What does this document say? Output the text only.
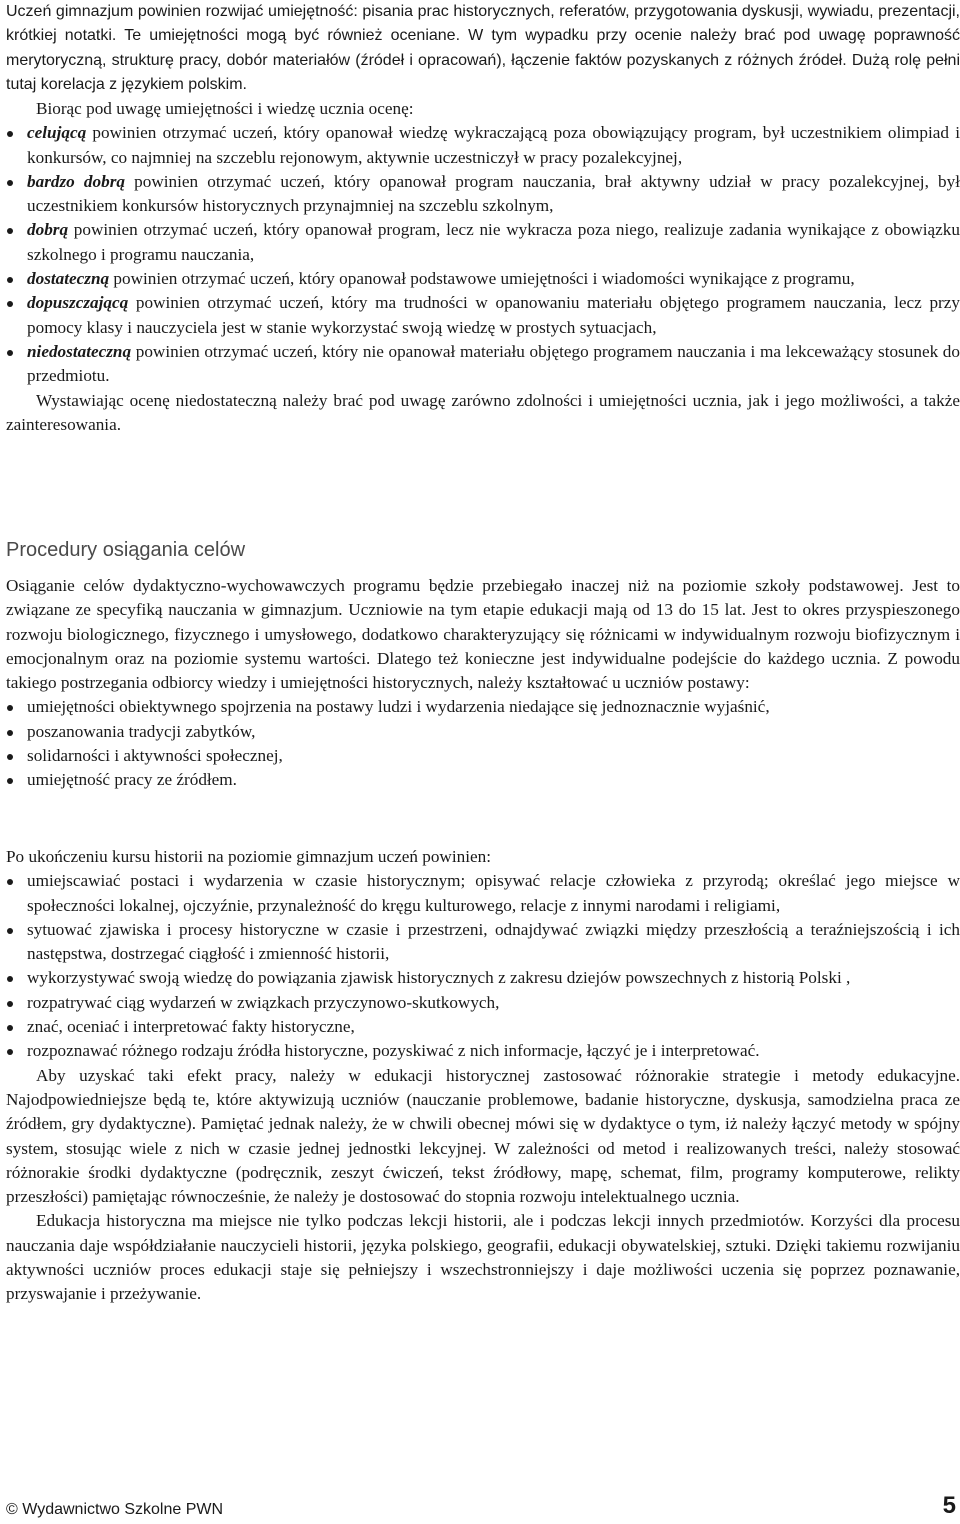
Uczeń gimnazjum powinien rozwijać umiejętność: pisania prac historycznych, referatów, przygotowania dyskusji, wywiadu, prezentacji, krótkiej notatki. Te umiejętności mogą być również oceniane. W tym wypadku przy ocenie należy brać pod uwagę poprawność merytoryczną, strukturę pracy, dobór materiałów (źródeł i opracowań), łączenie faktów pozyskanych z różnych źródeł. Dużą rolę pełni tutaj korelacja z językiem polskim.

Biorąc pod uwagę umiejętności i wiedzę ucznia ocenę:

celującą powinien otrzymać uczeń, który opanował wiedzę wykraczającą poza obowiązujący program, był uczestnikiem olimpiad i konkursów, co najmniej na szczeblu rejonowym, aktywnie uczestniczył w pracy pozalekcyjnej,
bardzo dobrą powinien otrzymać uczeń, który opanował program nauczania, brał aktywny udział w pracy pozalekcyjnej, był uczestnikiem konkursów historycznych przynajmniej na szczeblu szkolnym,
dobrą powinien otrzymać uczeń, który opanował program, lecz nie wykracza poza niego, realizuje zadania wynikające z obowiązku szkolnego i programu nauczania,
dostateczną powinien otrzymać uczeń, który opanował podstawowe umiejętności i wiadomości wynikające z programu,
dopuszczającą powinien otrzymać uczeń, który ma trudności w opanowaniu materiału objętego programem nauczania, lecz przy pomocy klasy i nauczyciela jest w stanie wykorzystać swoją wiedzę w prostych sytuacjach,
niedostateczną powinien otrzymać uczeń, który nie opanował materiału objętego programem nauczania i ma lekceważący stosunek do przedmiotu.

Wystawiając ocenę niedostateczną należy brać pod uwagę zarówno zdolności i umiejętności ucznia, jak i jego możliwości, a także zainteresowania.

Procedury osiągania celów

Osiąganie celów dydaktyczno-wychowawczych programu będzie przebiegało inaczej niż na poziomie szkoły podstawowej. Jest to związane ze specyfiką nauczania w gimnazjum. Uczniowie na tym etapie edukacji mają od 13 do 15 lat. Jest to okres przyspieszonego rozwoju biologicznego, fizycznego i umysłowego, dodatkowo charakteryzujący się różnicami w indywidualnym rozwoju biofizycznym i emocjonalnym oraz na poziomie systemu wartości. Dlatego też konieczne jest indywidualne podejście do każdego ucznia. Z powodu takiego postrzegania odbiorcy wiedzy i umiejętności historycznych, należy kształtować u uczniów postawy:

umiejętności obiektywnego spojrzenia na postawy ludzi i wydarzenia niedające się jednoznacznie wyjaśnić,
poszanowania tradycji zabytków,
solidarności i aktywności społecznej,
umiejętność pracy ze źródłem.

Po ukończeniu kursu historii na poziomie gimnazjum uczeń powinien:

umiejscawiać postaci i wydarzenia w czasie historycznym; opisywać relacje człowieka z przyrodą; określać jego miejsce w społeczności lokalnej, ojczyźnie, przynależność do kręgu kulturowego, relacje z innymi narodami i religiami,
sytuować zjawiska i procesy historyczne w czasie i przestrzeni, odnajdywać związki między przeszłością a teraźniejszością i ich następstwa, dostrzegać ciągłość i zmienność historii,
wykorzystywać swoją wiedzę do powiązania zjawisk historycznych z zakresu dziejów powszechnych z historią Polski ,
rozpatrywać ciąg wydarzeń w związkach przyczynowo-skutkowych,
znać, oceniać i interpretować fakty historyczne,
rozpoznawać różnego rodzaju źródła historyczne, pozyskiwać z nich informacje, łączyć je i interpretować.

Aby uzyskać taki efekt pracy, należy w edukacji historycznej zastosować różnorakie strategie i metody edukacyjne. Najodpowiedniejsze będą te, które aktywizują uczniów (nauczanie problemowe, badanie historyczne, dyskusja, samodzielna praca ze źródłem, gry dydaktyczne). Pamiętać jednak należy, że w chwili obecnej mówi się w dydaktyce o tym, iż należy łączyć metody w spójny system, stosując wiele z nich w czasie jednej jednostki lekcyjnej. W zależności od metod i realizowanych treści, należy stosować różnorakie środki dydaktyczne (podręcznik, zeszyt ćwiczeń, tekst źródłowy, mapę, schemat, film, programy komputerowe, relikty przeszłości) pamiętając równocześnie, że należy je dostosować do stopnia rozwoju intelektualnego ucznia.

Edukacja historyczna ma miejsce nie tylko podczas lekcji historii, ale i podczas lekcji innych przedmiotów. Korzyści dla procesu nauczania daje współdziałanie nauczycieli historii, języka polskiego, geografii, edukacji obywatelskiej, sztuki. Dzięki takiemu rozwijaniu aktywności uczniów proces edukacji staje się pełniejszy i wszechstronniejszy i daje możliwości uczenia się poprzez poznawanie, przyswajanie i przeżywanie.

© Wydawnictwo Szkolne PWN	5
